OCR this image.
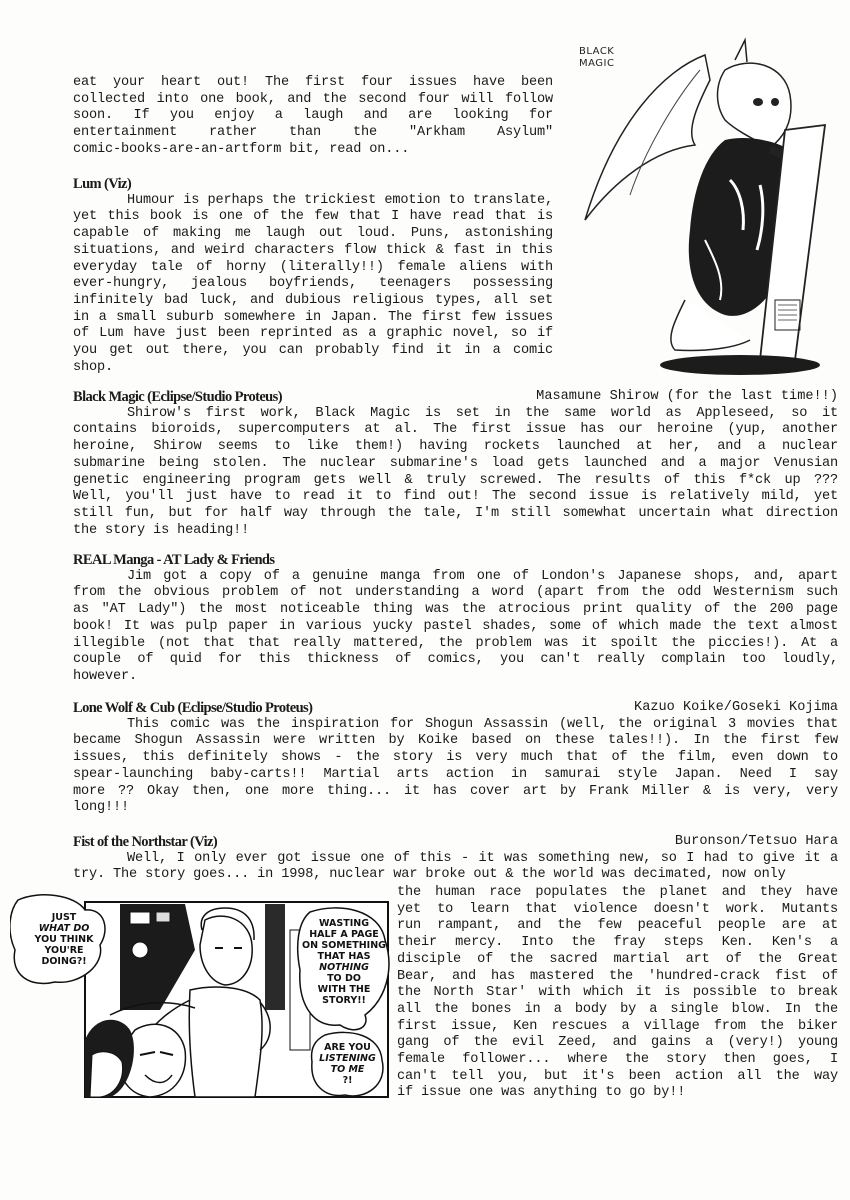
BLACK
MAGIC
eat your heart out! The first four issues have been
collected into one book, and the second four will follow
soon. If you enjoy a laugh and are looking for
entertainment rather than the "Arkham Asylum"
comic-books-are-an-artform bit, read on...
Lum (Viz)
Humour is perhaps the trickiest emotion to translate,
yet this book is one of the few that I have read that is
capable of making me laugh out loud. Puns, astonishing
situations, and weird characters flow thick & fast in this
everyday tale of horny (literally!!) female aliens with
ever-hungry, jealous boyfriends, teenagers possessing
infinitely bad luck, and dubious religious types, all set
in a small suburb somewhere in Japan. The first few issues
of Lum have just been reprinted as a graphic novel, so if
you get out there, you can probably find it in a comic
shop.
Masamune Shirow (for the last time!!)
Black Magic (Eclipse/Studio Proteus)
Shirow's first work, Black Magic is set in the same world as Appleseed, so it
contains bioroids, supercomputers at al. The first issue has our heroine (yup, another
heroine, Shirow seems to like them!) having rockets launched at her, and a nuclear
submarine being stolen. The nuclear submarine's load gets launched and a major Venusian
genetic engineering program gets well & truly screwed. The results of this f*ck up ???
Well, you'll just have to read it to find out! The second issue is relatively mild, yet
still fun, but for half way through the tale, I'm still somewhat uncertain what direction
the story is heading!!
REAL Manga - AT Lady & Friends
Jim got a copy of a genuine manga from one of London's Japanese shops, and, apart
from the obvious problem of not understanding a word (apart from the odd Westernism such
as "AT Lady") the most noticeable thing was the atrocious print quality of the 200 page
book! It was pulp paper in various yucky pastel shades, some of which made the text almost
illegible (not that that really mattered, the problem was it spoilt the piccies!). At a
couple of quid for this thickness of comics, you can't really complain too loudly,
however.
Kazuo Koike/Goseki Kojima
Lone Wolf & Cub (Eclipse/Studio Proteus)
This comic was the inspiration for Shogun Assassin (well, the original 3 movies that
became Shogun Assassin were written by Koike based on these tales!!). In the first few
issues, this definitely shows - the story is very much that of the film, even down to
spear-launching baby-carts!! Martial arts action in samurai style Japan. Need I say
more ?? Okay then, one more thing... it has cover art by Frank Miller & is very, very
long!!!
Buronson/Tetsuo Hara
Fist of the Northstar (Viz)
Well, I only ever got issue one of this - it was something new, so I had to give it a
try. The story goes... in 1998, nuclear war broke out & the world was decimated, now only
the human race populates the planet and they have
yet to learn that violence doesn't work. Mutants
run rampant, and the few peaceful people are at
their mercy. Into the fray steps Ken. Ken's a
disciple of the sacred martial art of the Great
Bear, and has mastered the 'hundred-crack fist of
the North Star' with which it is possible to break
all the bones in a body by a single blow. In the
first issue, Ken rescues a village from the biker
gang of the evil Zeed, and gains a (very!) young
female follower... where the story then goes, I
can't tell you, but it's been action all the way
if issue one was anything to go by!!
JUST
WHAT DO
YOU THINK
YOU'RE
DOING?!
WASTING
HALF A PAGE
ON SOMETHING
THAT HAS
NOTHING
TO DO
WITH THE
STORY!!
ARE YOU
LISTENING
TO ME
?!
